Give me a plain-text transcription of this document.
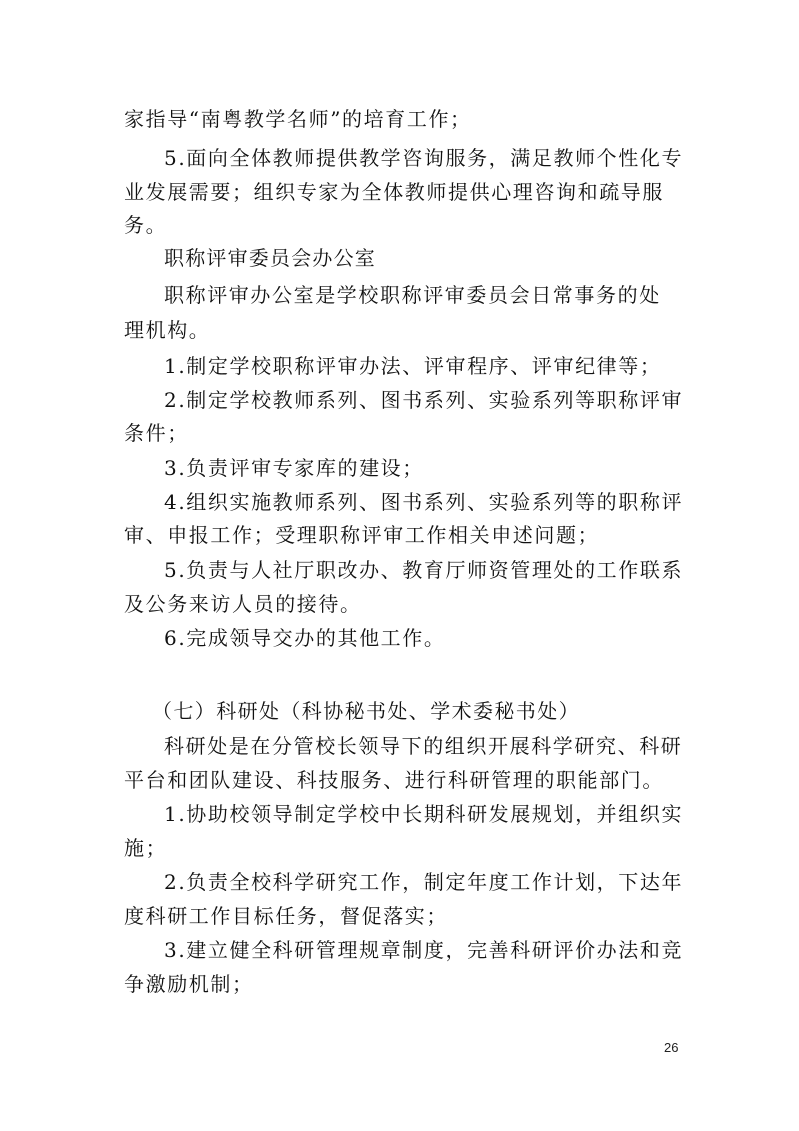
家指导“南粤教学名师”的培育工作；
5.面向全体教师提供教学咨询服务，满足教师个性化专
业发展需要；组织专家为全体教师提供心理咨询和疏导服
务。
职称评审委员会办公室
职称评审办公室是学校职称评审委员会日常事务的处
理机构。
1.制定学校职称评审办法、评审程序、评审纪律等；
2.制定学校教师系列、图书系列、实验系列等职称评审
条件；
3.负责评审专家库的建设；
4.组织实施教师系列、图书系列、实验系列等的职称评
审、申报工作；受理职称评审工作相关申述问题；
5.负责与人社厅职改办、教育厅师资管理处的工作联系
及公务来访人员的接待。
6.完成领导交办的其他工作。
（七）科研处（科协秘书处、学术委秘书处）
科研处是在分管校长领导下的组织开展科学研究、科研
平台和团队建设、科技服务、进行科研管理的职能部门。
1.协助校领导制定学校中长期科研发展规划，并组织实
施；
2.负责全校科学研究工作，制定年度工作计划，下达年
度科研工作目标任务，督促落实；
3.建立健全科研管理规章制度，完善科研评价办法和竞
争激励机制；
26
